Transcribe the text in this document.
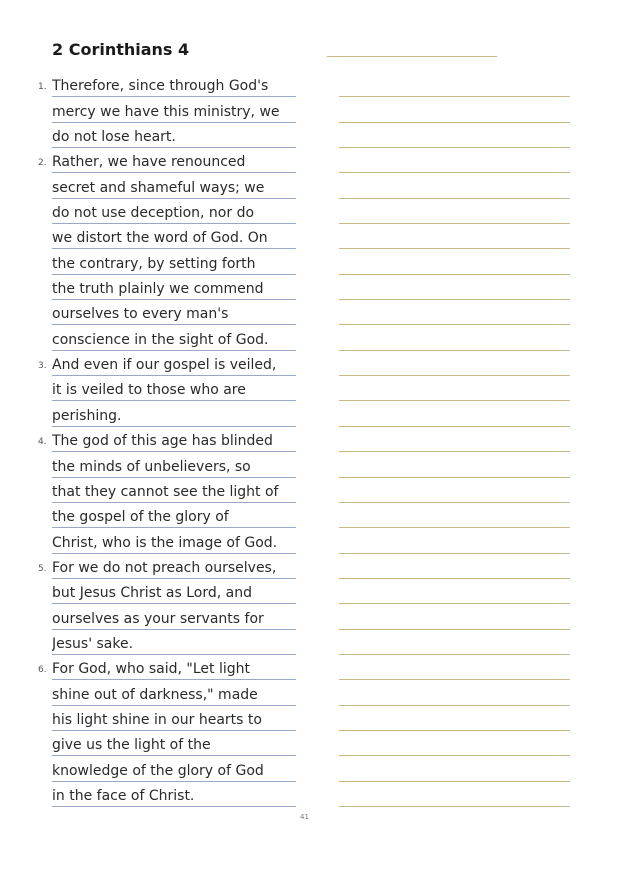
2 Corinthians 4
1. Therefore, since through God's
mercy we have this ministry, we
do not lose heart.
2. Rather, we have renounced
secret and shameful ways; we
do not use deception, nor do
we distort the word of God. On
the contrary, by setting forth
the truth plainly we commend
ourselves to every man's
conscience in the sight of God.
3. And even if our gospel is veiled,
it is veiled to those who are
perishing.
4. The god of this age has blinded
the minds of unbelievers, so
that they cannot see the light of
the gospel of the glory of
Christ, who is the image of God.
5. For we do not preach ourselves,
but Jesus Christ as Lord, and
ourselves as your servants for
Jesus' sake.
6. For God, who said, "Let light
shine out of darkness," made
his light shine in our hearts to
give us the light of the
knowledge of the glory of God
in the face of Christ.
41
